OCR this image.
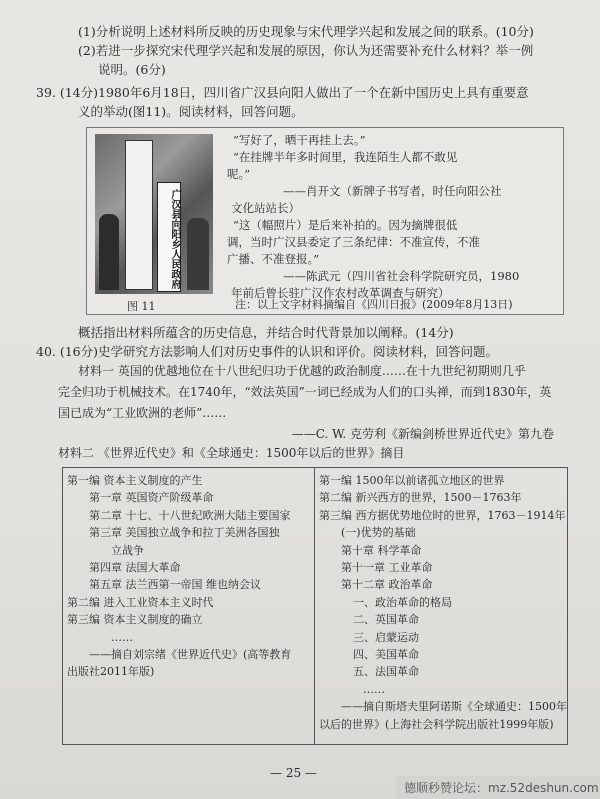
(1)分析说明上述材料所反映的历史现象与宋代理学兴起和发展之间的联系。(10分)

(2)若进一步探究宋代理学兴起和发展的原因，你认为还需要补充什么材料？举一例

说明。(6分)

39. (14分)1980年6月18日，四川省广汉县向阳人做出了一个在新中国历史上具有重要意

义的举动(图11)。阅读材料，回答问题。

广汉县向阳乡人民政府
图 11

“写好了，晒干再挂上去。”

“在挂牌半年多时间里，我连陌生人都不敢见

呢。”

——肖开文（新牌子书写者，时任向阳公社

文化站站长）

“这（幅照片）是后来补拍的。因为摘牌很低

调，当时广汉县委定了三条纪律：不准宣传，不准

广播、不准登报。”

——陈武元（四川省社会科学院研究员，1980

年前后曾长驻广汉作农村改革调查与研究）

注：以上文字材料摘编自《四川日报》(2009年8月13日)

概括指出材料所蕴含的历史信息，并结合时代背景加以阐释。(14分)

40. (16分)史学研究方法影响人们对历史事件的认识和评价。阅读材料，回答问题。

材料一 英国的优越地位在十八世纪归功于优越的政治制度……在十九世纪初期则几乎

完全归功于机械技术。在1740年，“效法英国”一词已经成为人们的口头禅，而到1830年，英

国已成为“工业欧洲的老师”……

——C. W. 克劳利《新编剑桥世界近代史》第九卷

材料二 《世界近代史》和《全球通史：1500年以后的世界》摘目

第一编 资本主义制度的产生

第一章 英国资产阶级革命

第二章 十七、十八世纪欧洲大陆主要国家

第三章 美国独立战争和拉丁美洲各国独

立战争

第四章 法国大革命

第五章 法兰西第一帝国 维也纳会议

第二编 进入工业资本主义时代

第三编 资本主义制度的确立

……

——摘自刘宗绪《世界近代史》(高等教育

出版社2011年版)

第一编 1500年以前诸孤立地区的世界

第二编 新兴西方的世界，1500－1763年

第三编 西方据优势地位时的世界，1763－1914年

(一)优势的基础

第十章 科学革命

第十一章 工业革命

第十二章 政治革命

一、政治革命的格局

二、英国革命

三、启蒙运动

四、美国革命

五、法国革命

……

——摘自斯塔夫里阿诺斯《全球通史：1500年

以后的世界》(上海社会科学院出版社1999年版)

— 25 —
德顺秒赞论坛：mz.52deshun.com
